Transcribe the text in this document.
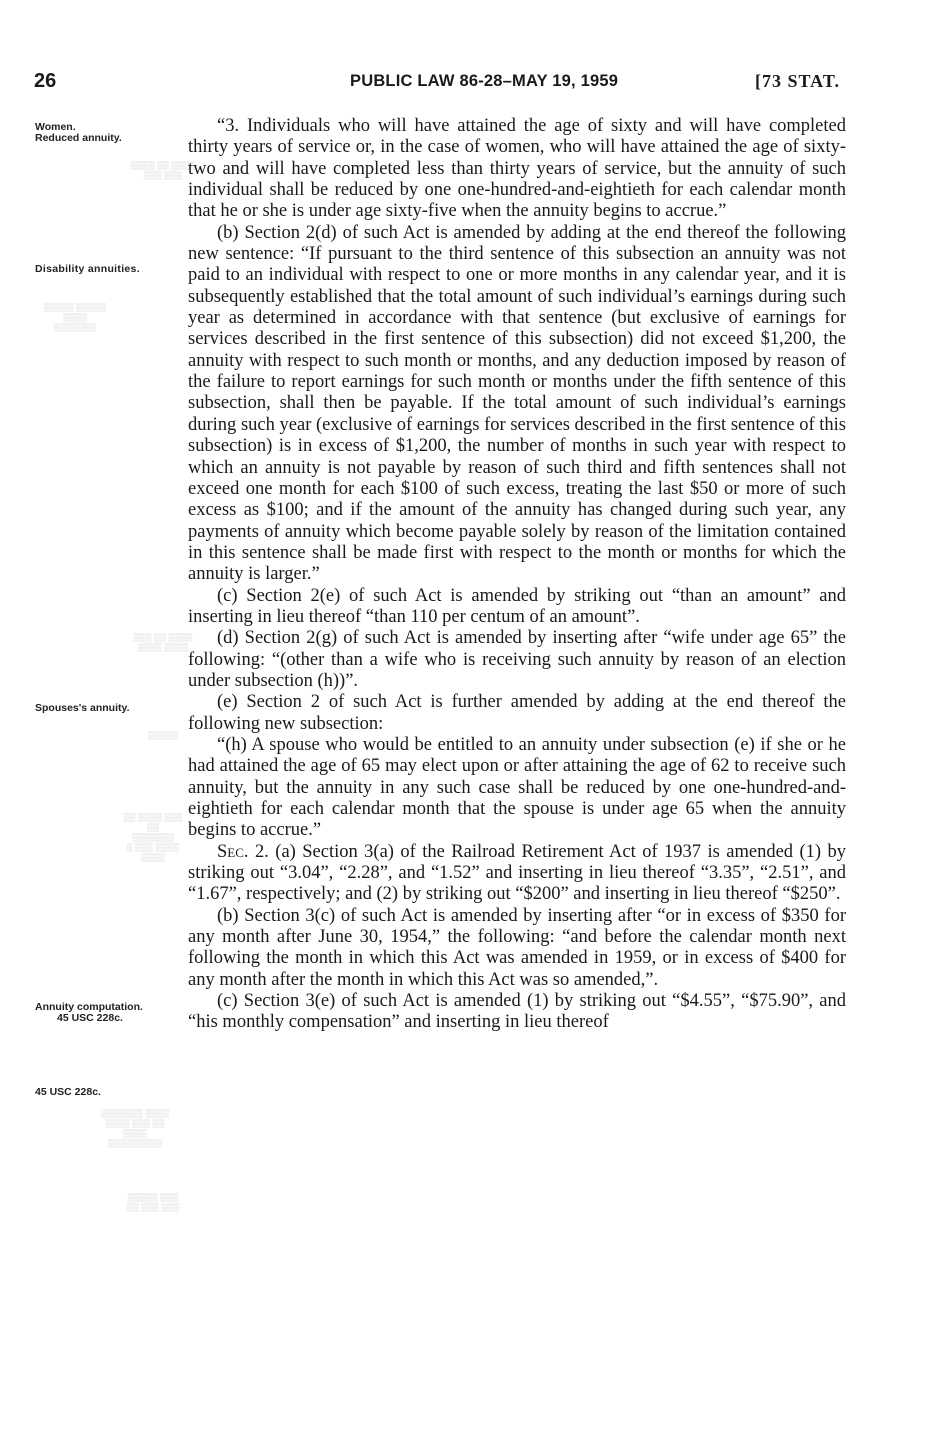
26	PUBLIC LAW 86-28–MAY 19, 1959	[73 STAT.
▒▒▒▒ ▒▒ ▒▒▒▒
▒▒▒ ▒▒▒
▒▒▒▒▒ ▒▒▒▒▒ ▒▒▒▒
▒▒▒▒▒▒▒
▒▒▒ ▒▒ ▒▒▒▒
▒▒▒▒ ▒▒▒▒
▒▒▒▒▒
▒▒ ▒▒▒▒ ▒▒▒ ▒▒
▒▒▒▒▒▒▒
▒ ▒▒▒ ▒▒▒▒
▒▒▒▒
▒▒▒▒▒▒▒ ▒▒▒▒
▒▒▒▒ ▒▒▒ ▒▒ ▒▒▒▒
▒▒▒▒▒▒▒▒▒
▒▒▒▒▒ ▒▒▒
▒▒ ▒▒▒ ▒▒▒
Women.
Reduced annuity.
Disability annuities.
Spouses's annuity.
Annuity computation.
45 USC 228c.
45 USC 228c.

“3. Individuals who will have attained the age of sixty and will have completed thirty years of service or, in the case of women, who will have attained the age of sixty-two and will have completed less than thirty years of service, but the annuity of such individual shall be reduced by one one-hundred-and-eightieth for each calendar month that he or she is under age sixty-five when the annuity begins to accrue.”

(b) Section 2(d) of such Act is amended by adding at the end thereof the following new sentence: “If pursuant to the third sentence of this subsection an annuity was not paid to an individual with respect to one or more months in any calendar year, and it is subsequently established that the total amount of such individual’s earnings during such year as determined in accordance with that sentence (but exclusive of earnings for services described in the first sentence of this subsection) did not exceed $1,200, the annuity with respect to such month or months, and any deduction imposed by reason of the failure to report earnings for such month or months under the fifth sentence of this subsection, shall then be payable. If the total amount of such individual’s earnings during such year (exclusive of earnings for services described in the first sentence of this subsection) is in excess of $1,200, the number of months in such year with respect to which an annuity is not payable by reason of such third and fifth sentences shall not exceed one month for each $100 of such excess, treating the last $50 or more of such excess as $100; and if the amount of the annuity has changed during such year, any payments of annuity which become payable solely by reason of the limitation contained in this sentence shall be made first with respect to the month or months for which the annuity is larger.”

(c) Section 2(e) of such Act is amended by striking out “than an amount” and inserting in lieu thereof “than 110 per centum of an amount”.

(d) Section 2(g) of such Act is amended by inserting after “wife under age 65” the following: “(other than a wife who is receiving such annuity by reason of an election under subsection (h))”.

(e) Section 2 of such Act is further amended by adding at the end thereof the following new subsection:

“(h) A spouse who would be entitled to an annuity under subsection (e) if she or he had attained the age of 65 may elect upon or after attaining the age of 62 to receive such annuity, but the annuity in any such case shall be reduced by one one-hundred-and-eightieth for each calendar month that the spouse is under age 65 when the annuity begins to accrue.”

Sec. 2. (a) Section 3(a) of the Railroad Retirement Act of 1937 is amended (1) by striking out “3.04”, “2.28”, and “1.52” and inserting in lieu thereof “3.35”, “2.51”, and “1.67”, respectively; and (2) by striking out “$200” and inserting in lieu thereof “$250”.

(b) Section 3(c) of such Act is amended by inserting after “or in excess of $350 for any month after June 30, 1954,” the following: “and before the calendar month next following the month in which this Act was amended in 1959, or in excess of $400 for any month after the month in which this Act was so amended,”.

(c) Section 3(e) of such Act is amended (1) by striking out “$4.55”, “$75.90”, and “his monthly compensation” and inserting in lieu thereof
